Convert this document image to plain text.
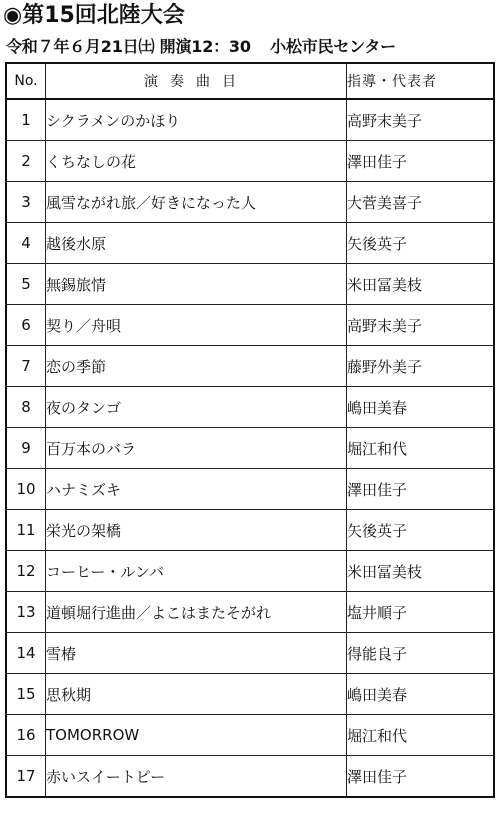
◉第15回北陸大会
令和７年６月21日㈯ 開演12：30 小松市民センター
No.	演奏曲目	指導・代表者
1	シクラメンのかほり	高野末美子
2	くちなしの花	澤田佳子
3	風雪ながれ旅／好きになった人	大菅美喜子
4	越後水原	矢後英子
5	無錫旅情	米田冨美枝
6	契り／舟唄	高野末美子
7	恋の季節	藤野外美子
8	夜のタンゴ	嶋田美春
9	百万本のバラ	堀江和代
10	ハナミズキ	澤田佳子
11	栄光の架橋	矢後英子
12	コーヒー・ルンバ	米田冨美枝
13	道頓堀行進曲／よこはまたそがれ	塩井順子
14	雪椿	得能良子
15	思秋期	嶋田美春
16	TOMORROW	堀江和代
17	赤いスイートピー	澤田佳子
